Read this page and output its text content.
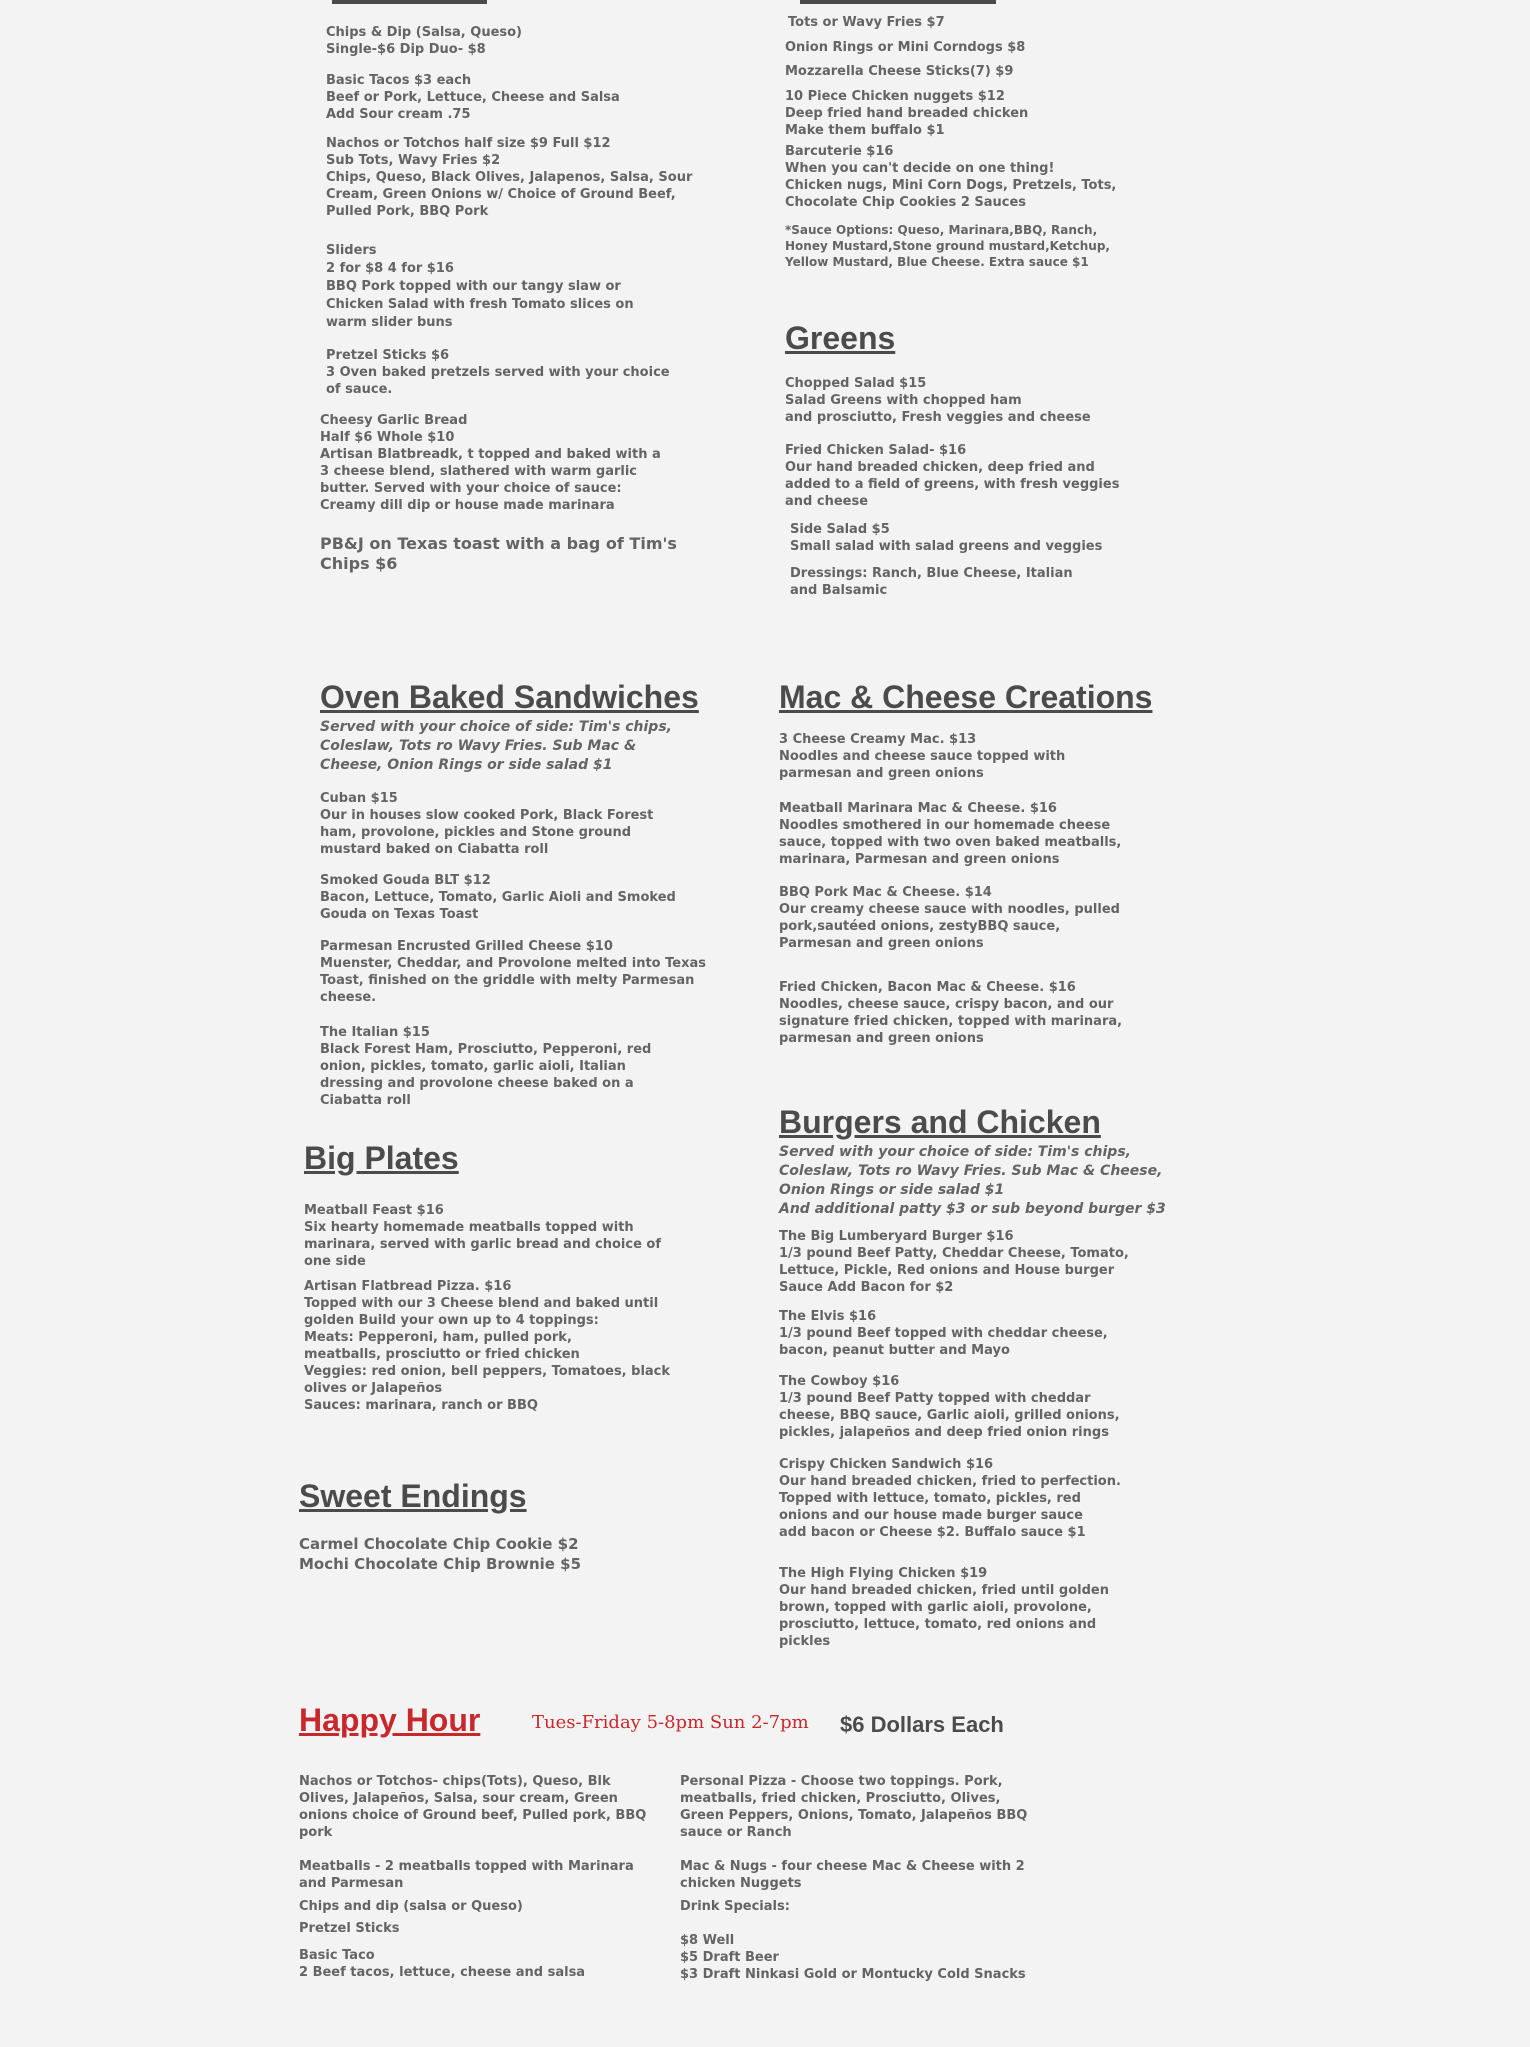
Chips & Dip (Salsa, Queso)

Single-$6 Dip Duo- $8

Basic Tacos $3 each

Beef or Pork, Lettuce, Cheese and Salsa

Add Sour cream .75

Nachos or Totchos half size $9 Full $12

Sub Tots, Wavy Fries $2

Chips, Queso, Black Olives, Jalapenos, Salsa, Sour

Cream, Green Onions w/ Choice of Ground Beef,

Pulled Pork, BBQ Pork

Sliders

2 for $8 4 for $16

BBQ Pork topped with our tangy slaw or

Chicken Salad with fresh Tomato slices on

warm slider buns

Pretzel Sticks $6

3 Oven baked pretzels served with your choice

of sauce.

Cheesy Garlic Bread

Half $6 Whole $10

Artisan Blatbreadk, t topped and baked with a

3 cheese blend, slathered with warm garlic

butter. Served with your choice of sauce:

Creamy dill dip or house made marinara

PB&J on Texas toast with a bag of Tim's

Chips $6

Tots or Wavy Fries $7

Onion Rings or Mini Corndogs $8

Mozzarella Cheese Sticks(7) $9

10 Piece Chicken nuggets $12

Deep fried hand breaded chicken

Make them buffalo $1

Barcuterie $16

When you can't decide on one thing!

Chicken nugs, Mini Corn Dogs, Pretzels, Tots,

Chocolate Chip Cookies 2 Sauces

*Sauce Options: Queso, Marinara,BBQ, Ranch,

Honey Mustard,Stone ground mustard,Ketchup,

Yellow Mustard, Blue Cheese. Extra sauce $1

Greens

Chopped Salad $15

Salad Greens with chopped ham

and prosciutto, Fresh veggies and cheese

Fried Chicken Salad- $16

Our hand breaded chicken, deep fried and

added to a field of greens, with fresh veggies

and cheese

Side Salad $5

Small salad with salad greens and veggies

Dressings: Ranch, Blue Cheese, Italian

and Balsamic

Oven Baked Sandwiches

Served with your choice of side: Tim's chips,

Coleslaw, Tots ro Wavy Fries. Sub Mac &

Cheese, Onion Rings or side salad $1

Cuban $15

Our in houses slow cooked Pork, Black Forest

ham, provolone, pickles and Stone ground

mustard baked on Ciabatta roll

Smoked Gouda BLT $12

Bacon, Lettuce, Tomato, Garlic Aioli and Smoked

Gouda on Texas Toast

Parmesan Encrusted Grilled Cheese $10

Muenster, Cheddar, and Provolone melted into Texas

Toast, finished on the griddle with melty Parmesan

cheese.

The Italian $15

Black Forest Ham, Prosciutto, Pepperoni, red

onion, pickles, tomato, garlic aioli, Italian

dressing and provolone cheese baked on a

Ciabatta roll

Mac & Cheese Creations

3 Cheese Creamy Mac. $13

Noodles and cheese sauce topped with

parmesan and green onions

Meatball Marinara Mac & Cheese. $16

Noodles smothered in our homemade cheese

sauce, topped with two oven baked meatballs,

marinara, Parmesan and green onions

BBQ Pork Mac & Cheese. $14

Our creamy cheese sauce with noodles, pulled

pork,sautéed onions, zestyBBQ sauce,

Parmesan and green onions

Fried Chicken, Bacon Mac & Cheese. $16

Noodles, cheese sauce, crispy bacon, and our

signature fried chicken, topped with marinara,

parmesan and green onions

Big Plates

Meatball Feast $16

Six hearty homemade meatballs topped with

marinara, served with garlic bread and choice of

one side

Artisan Flatbread Pizza. $16

Topped with our 3 Cheese blend and baked until

golden Build your own up to 4 toppings:

Meats: Pepperoni, ham, pulled pork,

meatballs, prosciutto or fried chicken

Veggies: red onion, bell peppers, Tomatoes, black

olives or Jalapeños

Sauces: marinara, ranch or BBQ

Burgers and Chicken

Served with your choice of side: Tim's chips,

Coleslaw, Tots ro Wavy Fries. Sub Mac & Cheese,

Onion Rings or side salad $1

And additional patty $3 or sub beyond burger $3

The Big Lumberyard Burger $16

1/3 pound Beef Patty, Cheddar Cheese, Tomato,

Lettuce, Pickle, Red onions and House burger

Sauce Add Bacon for $2

The Elvis $16

1/3 pound Beef topped with cheddar cheese,

bacon, peanut butter and Mayo

The Cowboy $16

1/3 pound Beef Patty topped with cheddar

cheese, BBQ sauce, Garlic aioli, grilled onions,

pickles, jalapeños and deep fried onion rings

Crispy Chicken Sandwich $16

Our hand breaded chicken, fried to perfection.

Topped with lettuce, tomato, pickles, red

onions and our house made burger sauce

add bacon or Cheese $2. Buffalo sauce $1

The High Flying Chicken $19

Our hand breaded chicken, fried until golden

brown, topped with garlic aioli, provolone,

prosciutto, lettuce, tomato, red onions and

pickles

Sweet Endings

Carmel Chocolate Chip Cookie $2

Mochi Chocolate Chip Brownie $5

Happy Hour	Tues-Friday 5-8pm Sun 2-7pm $6 Dollars Each

Nachos or Totchos- chips(Tots), Queso, Blk

Olives, Jalapeños, Salsa, sour cream, Green

onions choice of Ground beef, Pulled pork, BBQ

pork

Meatballs - 2 meatballs topped with Marinara

and Parmesan

Chips and dip (salsa or Queso)

Pretzel Sticks

Basic Taco

2 Beef tacos, lettuce, cheese and salsa

Personal Pizza - Choose two toppings. Pork,

meatballs, fried chicken, Prosciutto, Olives,

Green Peppers, Onions, Tomato, Jalapeños BBQ

sauce or Ranch

Mac & Nugs - four cheese Mac & Cheese with 2

chicken Nuggets

Drink Specials:

$8 Well

$5 Draft Beer

$3 Draft Ninkasi Gold or Montucky Cold Snacks
